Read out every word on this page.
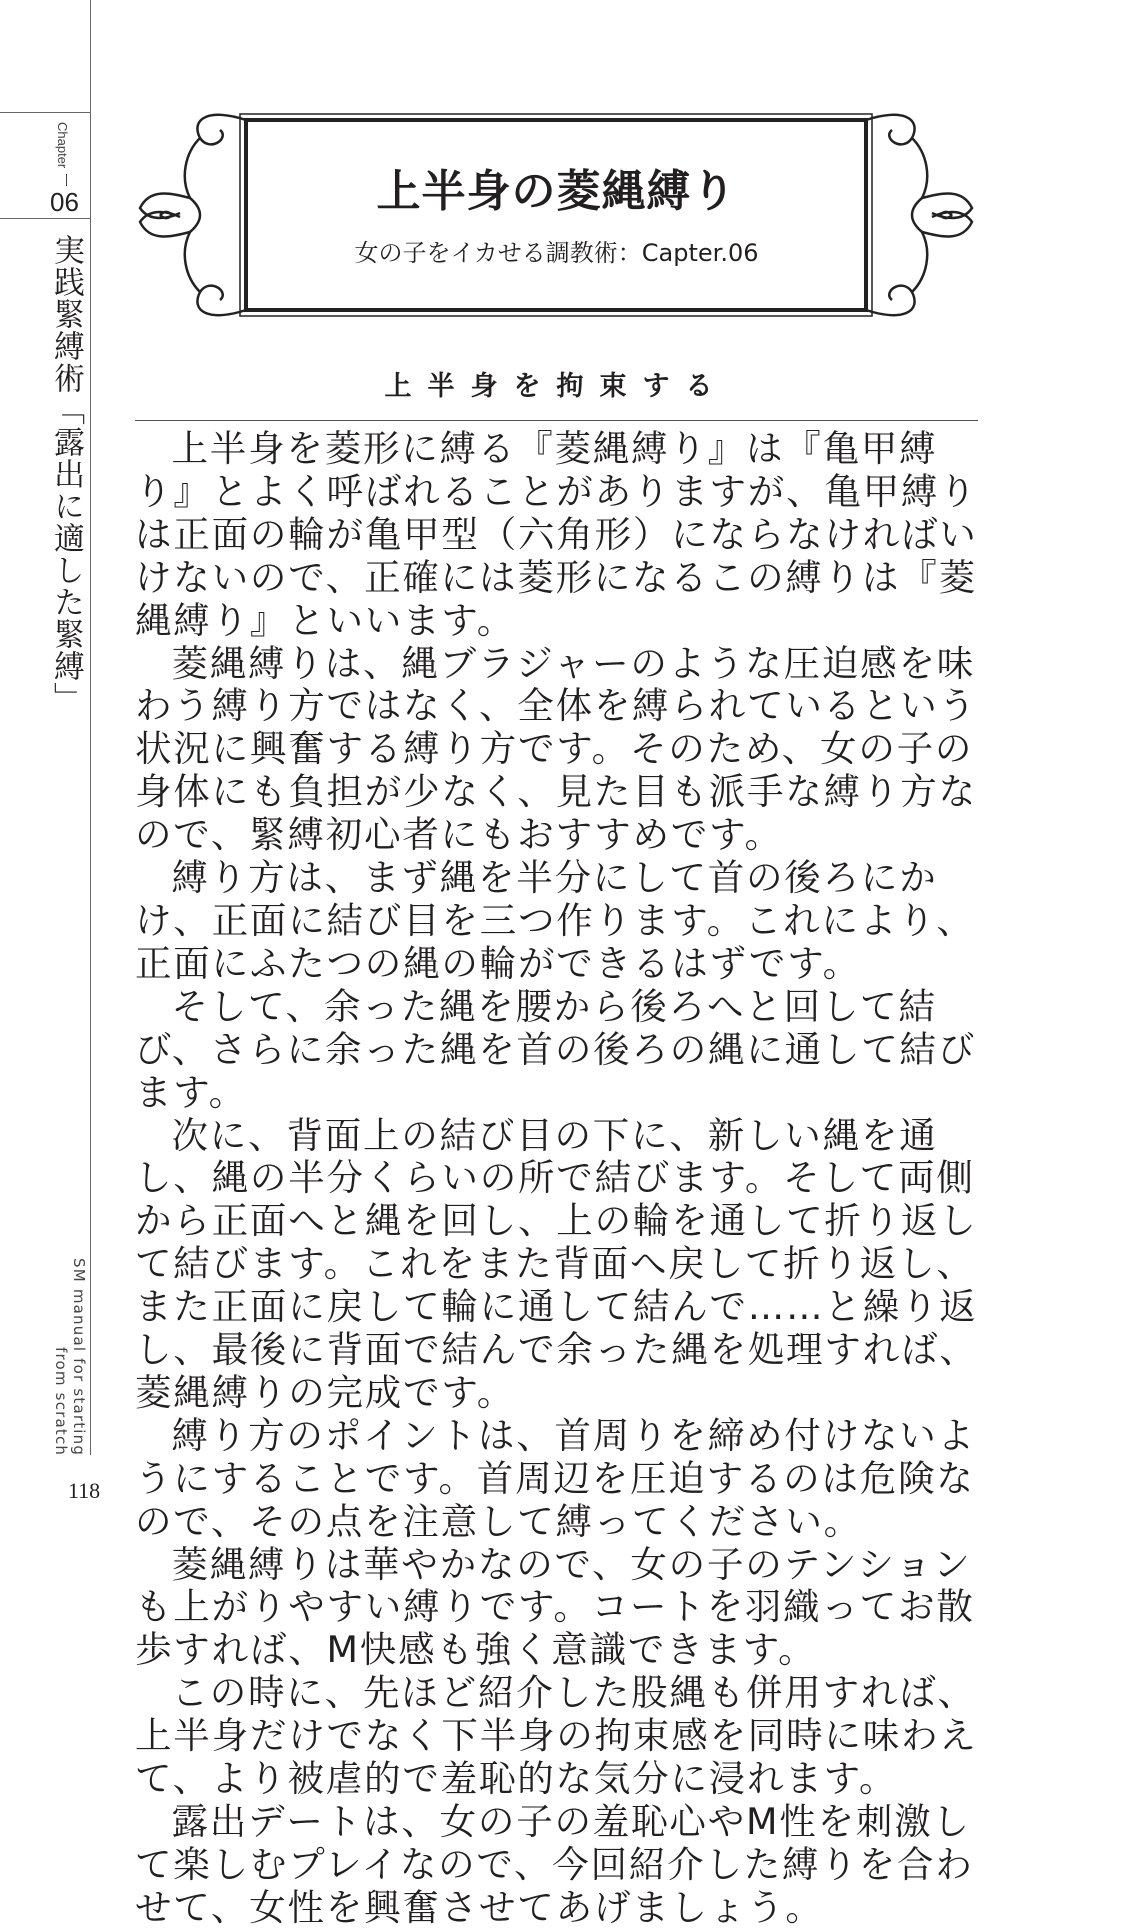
Chapter
06
実践緊縛術「露出に適した緊縛」
SM manual for starting from scratch
118
上半身の菱縄縛り
女の子をイカせる調教術：Capter.06
上半身を拘束する

上半身を菱形に縛る『菱縄縛り』は『亀甲縛り』とよく呼ばれることがありますが、亀甲縛りは正面の輪が亀甲型（六角形）にならなければいけないので、正確には菱形になるこの縛りは『菱縄縛り』といいます。

菱縄縛りは、縄ブラジャーのような圧迫感を味わう縛り方ではなく、全体を縛られているという状況に興奮する縛り方です。そのため、女の子の身体にも負担が少なく、見た目も派手な縛り方なので、緊縛初心者にもおすすめです。

縛り方は、まず縄を半分にして首の後ろにかけ、正面に結び目を三つ作ります。これにより、正面にふたつの縄の輪ができるはずです。

そして、余った縄を腰から後ろへと回して結び、さらに余った縄を首の後ろの縄に通して結びます。

次に、背面上の結び目の下に、新しい縄を通し、縄の半分くらいの所で結びます。そして両側から正面へと縄を回し、上の輪を通して折り返して結びます。これをまた背面へ戻して折り返し、また正面に戻して輪に通して結んで……と繰り返し、最後に背面で結んで余った縄を処理すれば、菱縄縛りの完成です。

縛り方のポイントは、首周りを締め付けないようにすることです。首周辺を圧迫するのは危険なので、その点を注意して縛ってください。

菱縄縛りは華やかなので、女の子のテンションも上がりやすい縛りです。コートを羽織ってお散歩すれば、M快感も強く意識できます。

この時に、先ほど紹介した股縄も併用すれば、上半身だけでなく下半身の拘束感を同時に味わえて、より被虐的で羞恥的な気分に浸れます。

露出デートは、女の子の羞恥心やM性を刺激して楽しむプレイなので、今回紹介した縛りを合わせて、女性を興奮させてあげましょう。
